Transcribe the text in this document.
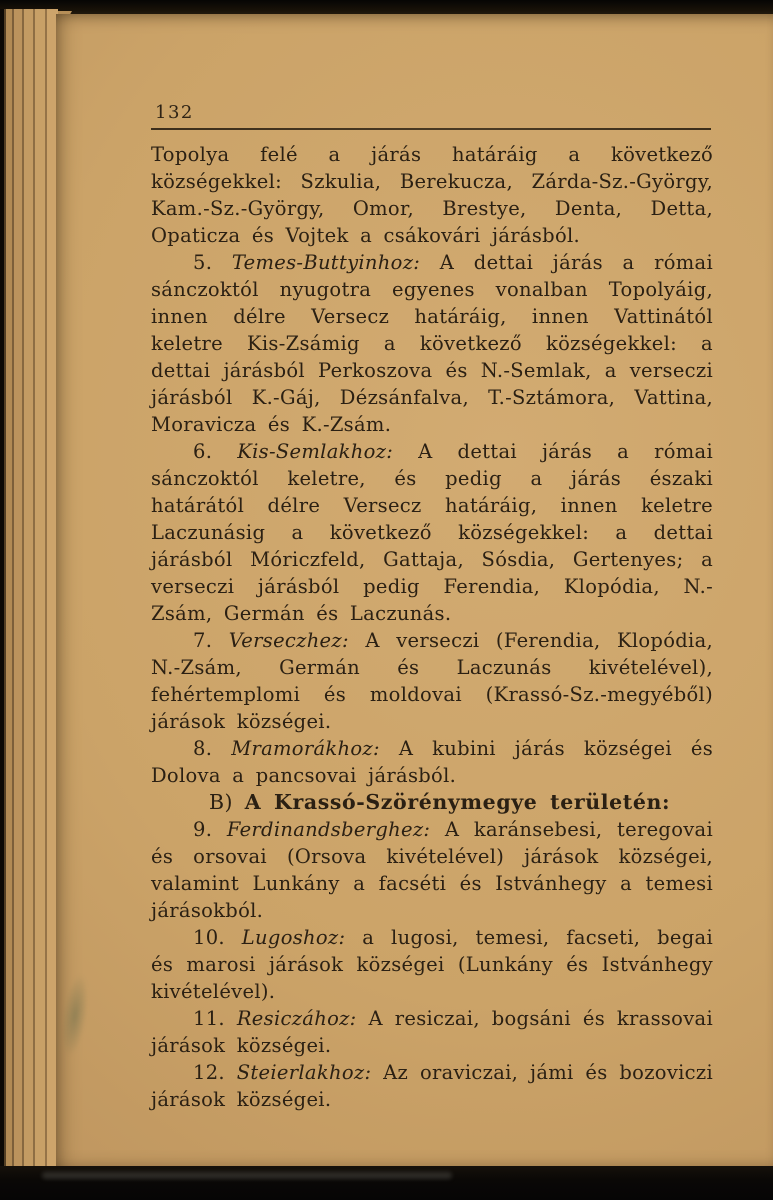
132

Topolya felé a járás határáig a következő községekkel: Szkulia, Berekucza, Zárda-Sz.-György, Kam.-Sz.-György, Omor, Brestye, Denta, Detta, Opaticza és Vojtek a csákovári járásból.

5. Temes-Buttyinhoz: A dettai járás a római sánczoktól nyugotra egyenes vonalban Topolyáig, innen délre Versecz határáig, innen Vattinától keletre Kis-Zsámig a következő községekkel: a dettai járásból Perkoszova és N.-Semlak, a verseczi járásból K.-Gáj, Dézsánfalva, T.-Sztámora, Vattina, Moravicza és K.-Zsám.

6. Kis-Semlakhoz: A dettai járás a római sánczoktól keletre, és pedig a járás északi határától délre Versecz határáig, innen keletre Laczunásig a következő községekkel: a dettai járásból Móriczfeld, Gattaja, Sósdia, Gertenyes; a verseczi járásból pedig Ferendia, Klopódia, N.-Zsám, Germán és Laczunás.

7. Verseczhez: A verseczi (Ferendia, Klopódia, N.-Zsám, Germán és Laczunás kivételével), fehértemplomi és moldovai (Krassó-Sz.-megyéből) járások községei.

8. Mramorákhoz: A kubini járás községei és Dolova a pancsovai járásból.

B) A Krassó-Szörénymegye területén:

9. Ferdinandsberghez: A karánsebesi, teregovai és orsovai (Orsova kivételével) járások községei, valamint Lunkány a facséti és Istvánhegy a temesi járásokból.

10. Lugoshoz: a lugosi, temesi, facseti, begai és marosi járások községei (Lunkány és Istvánhegy kivételével).

11. Resiczához: A resiczai, bogsáni és krassovai járások községei.

12. Steierlakhoz: Az oraviczai, jámi és bozoviczi járások községei.
